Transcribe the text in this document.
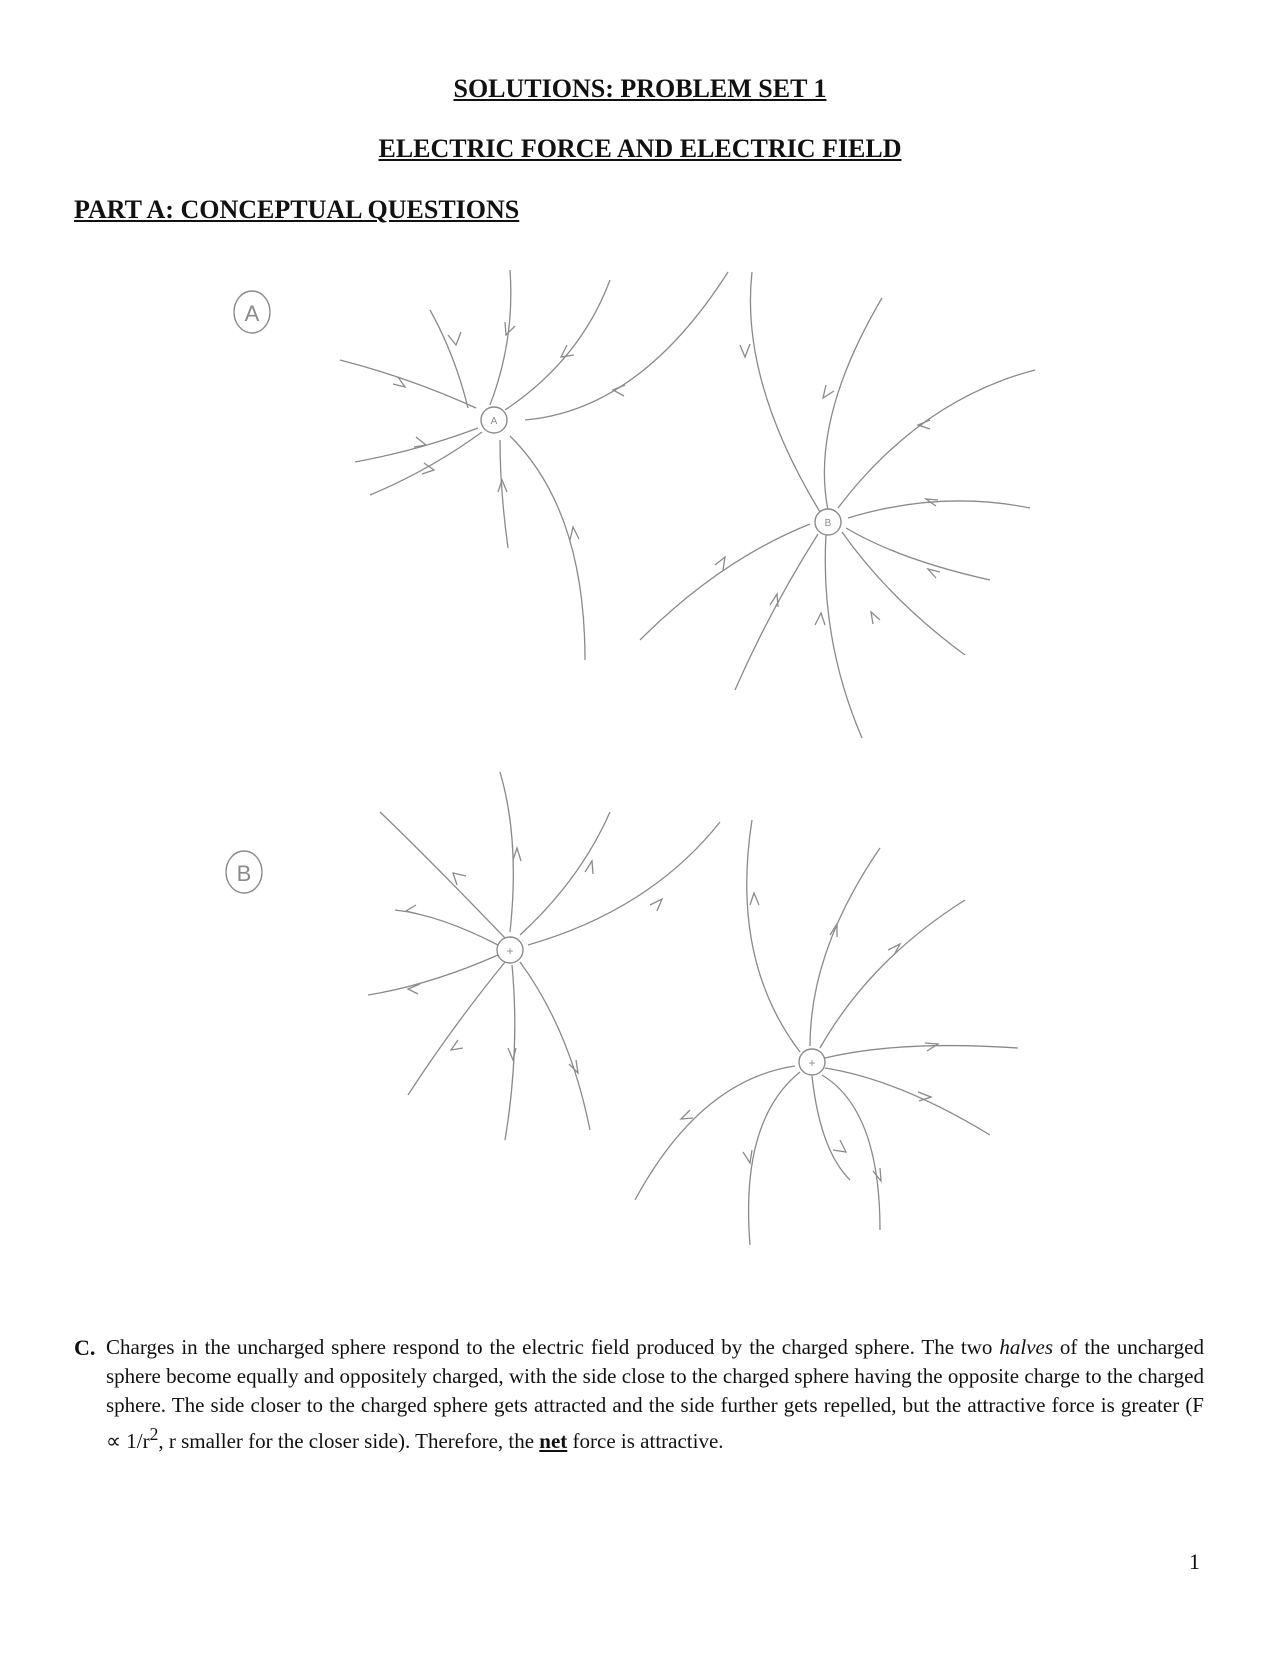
SOLUTIONS: PROBLEM SET 1
ELECTRIC FORCE AND ELECTRIC FIELD
PART A: CONCEPTUAL QUESTIONS
A
A
B
B
+
+
C. Charges in the uncharged sphere respond to the electric field produced by the charged sphere. The two halves of the uncharged sphere become equally and oppositely charged, with the side close to the charged sphere having the opposite charge to the charged sphere. The side closer to the charged sphere gets attracted and the side further gets repelled, but the attractive force is greater ($F \propto 1/r^2$, r smaller for the closer side). Therefore, the net force is attractive.
1
